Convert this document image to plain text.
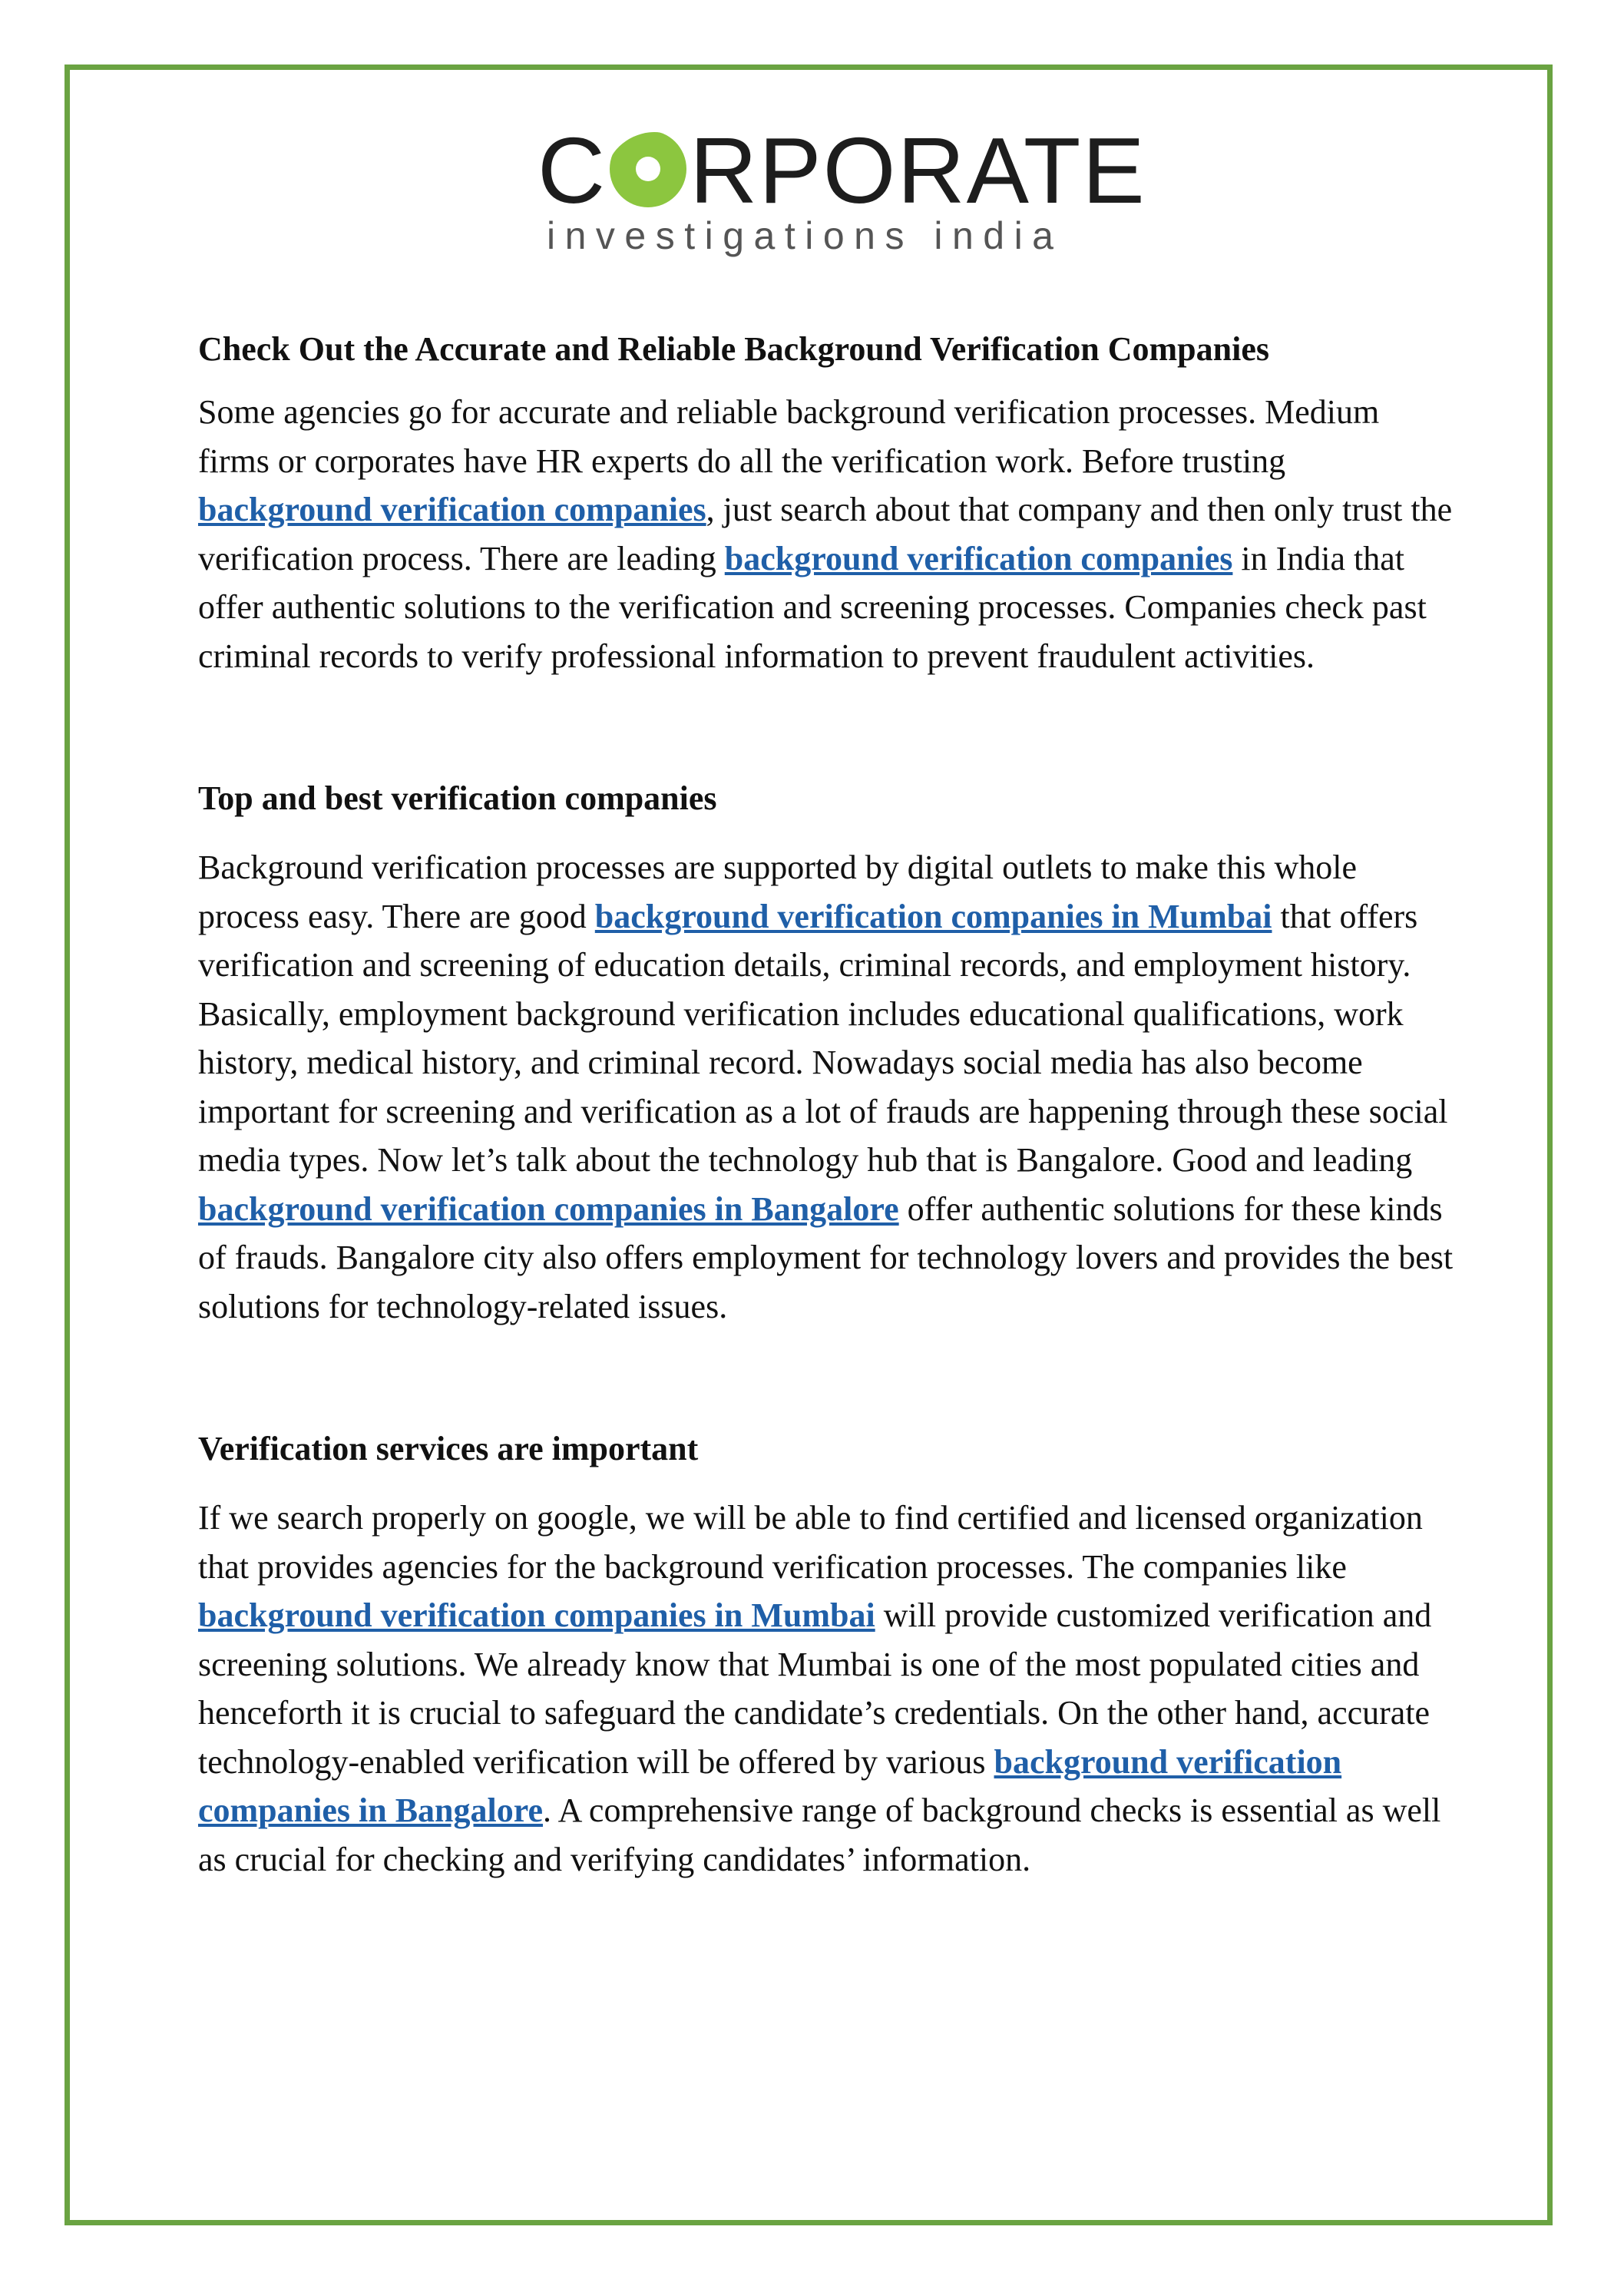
C RPORATE
investigations india
Check Out the Accurate and Reliable Background Verification Companies

Some agencies go for accurate and reliable background verification processes. Medium firms or corporates have HR experts do all the verification work. Before trusting background verification companies, just search about that company and then only trust the verification process. There are leading background verification companies in India that offer authentic solutions to the verification and screening processes. Companies check past criminal records to verify professional information to prevent fraudulent activities.

Top and best verification companies

Background verification processes are supported by digital outlets to make this whole process easy. There are good background verification companies in Mumbai that offers verification and screening of education details, criminal records, and employment history. Basically, employment background verification includes educational qualifications, work history, medical history, and criminal record. Nowadays social media has also become important for screening and verification as a lot of frauds are happening through these social media types. Now let’s talk about the technology hub that is Bangalore. Good and leading background verification companies in Bangalore offer authentic solutions for these kinds of frauds. Bangalore city also offers employment for technology lovers and provides the best solutions for technology-related issues.

Verification services are important

If we search properly on google, we will be able to find certified and licensed organization that provides agencies for the background verification processes. The companies like background verification companies in Mumbai will provide customized verification and screening solutions. We already know that Mumbai is one of the most populated cities and henceforth it is crucial to safeguard the candidate’s credentials. On the other hand, accurate technology-enabled verification will be offered by various background verification companies in Bangalore. A comprehensive range of background checks is essential as well as crucial for checking and verifying candidates’ information.
